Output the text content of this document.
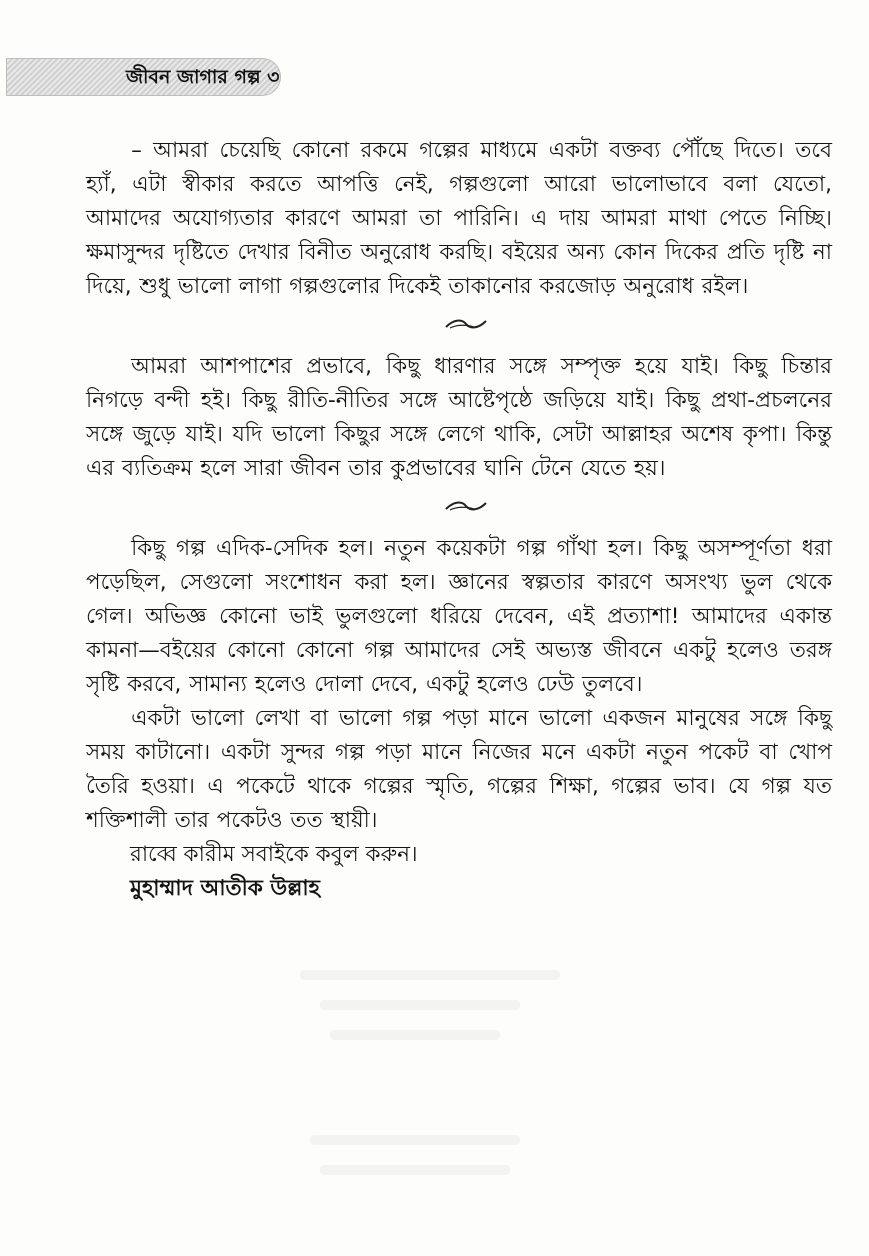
জীবন জাগার গল্প ৩

– আমরা চেয়েছি কোনো রকমে গল্পের মাধ্যমে একটা বক্তব্য পৌঁছে দিতে। তবে হ্যাঁ, এটা স্বীকার করতে আপত্তি নেই, গল্পগুলো আরো ভালোভাবে বলা যেতো, আমাদের অযোগ্যতার কারণে আমরা তা পারিনি। এ দায় আমরা মাথা পেতে নিচ্ছি। ক্ষমাসুন্দর দৃষ্টিতে দেখার বিনীত অনুরোধ করছি। বইয়ের অন্য কোন দিকের প্রতি দৃষ্টি না দিয়ে, শুধু ভালো লাগা গল্পগুলোর দিকেই তাকানোর করজোড় অনুরোধ রইল।

আমরা আশপাশের প্রভাবে, কিছু ধারণার সঙ্গে সম্পৃক্ত হয়ে যাই। কিছু চিন্তার নিগড়ে বন্দী হই। কিছু রীতি-নীতির সঙ্গে আষ্টেপৃষ্ঠে জড়িয়ে যাই। কিছু প্রথা-প্রচলনের সঙ্গে জুড়ে যাই। যদি ভালো কিছুর সঙ্গে লেগে থাকি, সেটা আল্লাহর অশেষ কৃপা। কিন্তু এর ব্যতিক্রম হলে সারা জীবন তার কুপ্রভাবের ঘানি টেনে যেতে হয়।

কিছু গল্প এদিক-সেদিক হল। নতুন কয়েকটা গল্প গাঁথা হল। কিছু অসম্পূর্ণতা ধরা পড়েছিল, সেগুলো সংশোধন করা হল। জ্ঞানের স্বল্পতার কারণে অসংখ্য ভুল থেকে গেল। অভিজ্ঞ কোনো ভাই ভুলগুলো ধরিয়ে দেবেন, এই প্রত্যাশা! আমাদের একান্ত কামনা—বইয়ের কোনো কোনো গল্প আমাদের সেই অভ্যস্ত জীবনে একটু হলেও তরঙ্গ সৃষ্টি করবে, সামান্য হলেও দোলা দেবে, একটু হলেও ঢেউ তুলবে।

একটা ভালো লেখা বা ভালো গল্প পড়া মানে ভালো একজন মানুষের সঙ্গে কিছু সময় কাটানো। একটা সুন্দর গল্প পড়া মানে নিজের মনে একটা নতুন পকেট বা খোপ তৈরি হওয়া। এ পকেটে থাকে গল্পের স্মৃতি, গল্পের শিক্ষা, গল্পের ভাব। যে গল্প যত শক্তিশালী তার পকেটও তত স্থায়ী।

রাব্বে কারীম সবাইকে কবুল করুন।

মুহাম্মাদ আতীক উল্লাহ
